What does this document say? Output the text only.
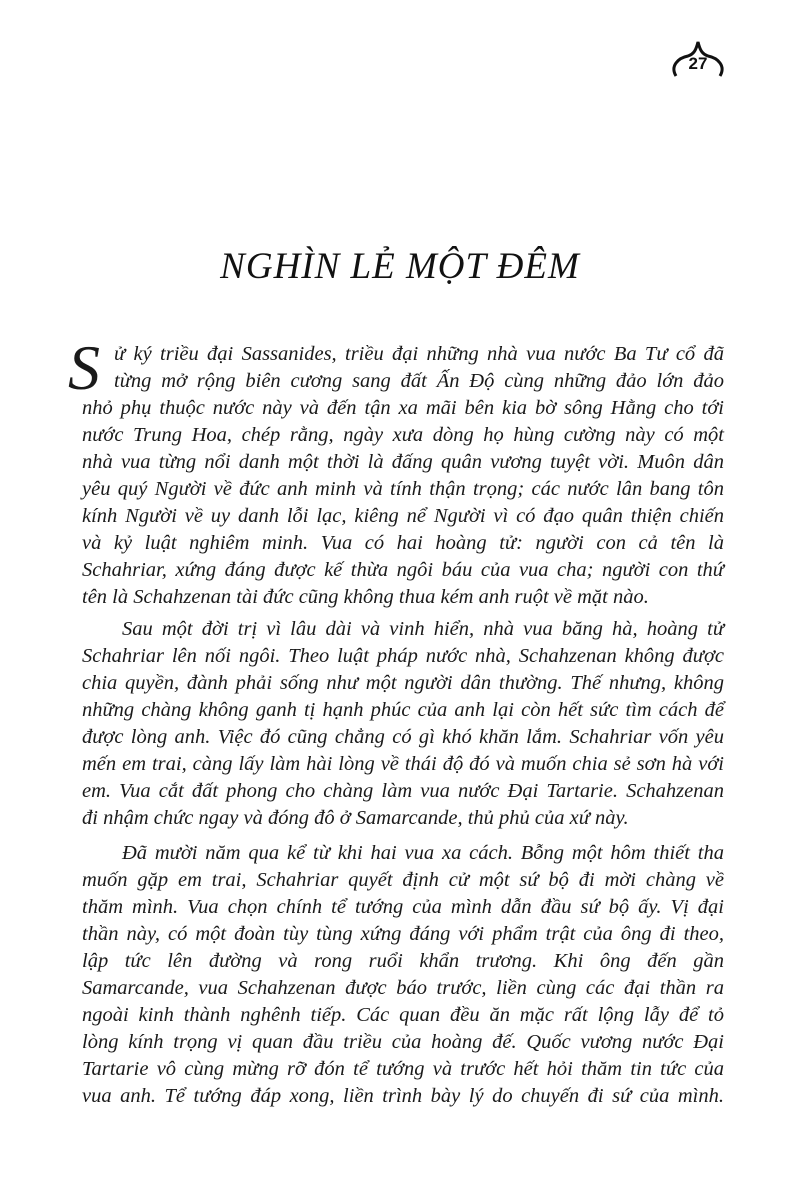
27
NGHÌN LẺ MỘT ĐÊM
S ử ký triều đại Sassanides, triều đại những nhà vua nước Ba Tư cổ đã
từng mở rộng biên cương sang đất Ấn Độ cùng những đảo lớn đảo
nhỏ phụ thuộc nước này và đến tận xa mãi bên kia bờ sông Hằng cho tới
nước Trung Hoa, chép rằng, ngày xưa dòng họ hùng cường này có một
nhà vua từng nổi danh một thời là đấng quân vương tuyệt vời. Muôn dân
yêu quý Người về đức anh minh và tính thận trọng; các nước lân bang tôn
kính Người về uy danh lỗi lạc, kiêng nể Người vì có đạo quân thiện chiến
và kỷ luật nghiêm minh. Vua có hai hoàng tử: người con cả tên là
Schahriar, xứng đáng được kế thừa ngôi báu của vua cha; người con thứ
tên là Schahzenan tài đức cũng không thua kém anh ruột về mặt nào.
Sau một đời trị vì lâu dài và vinh hiển, nhà vua băng hà, hoàng tử
Schahriar lên nối ngôi. Theo luật pháp nước nhà, Schahzenan không được
chia quyền, đành phải sống như một người dân thường. Thế nhưng, không
những chàng không ganh tị hạnh phúc của anh lại còn hết sức tìm cách để
được lòng anh. Việc đó cũng chẳng có gì khó khăn lắm. Schahriar vốn yêu
mến em trai, càng lấy làm hài lòng về thái độ đó và muốn chia sẻ sơn hà với
em. Vua cắt đất phong cho chàng làm vua nước Đại Tartarie. Schahzenan
đi nhậm chức ngay và đóng đô ở Samarcande, thủ phủ của xứ này.
Đã mười năm qua kể từ khi hai vua xa cách. Bỗng một hôm thiết tha
muốn gặp em trai, Schahriar quyết định cử một sứ bộ đi mời chàng về
thăm mình. Vua chọn chính tể tướng của mình dẫn đầu sứ bộ ấy. Vị đại
thần này, có một đoàn tùy tùng xứng đáng với phẩm trật của ông đi theo,
lập tức lên đường và rong ruổi khẩn trương. Khi ông đến gần
Samarcande, vua Schahzenan được báo trước, liền cùng các đại thần ra
ngoài kinh thành nghênh tiếp. Các quan đều ăn mặc rất lộng lẫy để tỏ
lòng kính trọng vị quan đầu triều của hoàng đế. Quốc vương nước Đại
Tartarie vô cùng mừng rỡ đón tể tướng và trước hết hỏi thăm tin tức của
vua anh. Tể tướng đáp xong, liền trình bày lý do chuyến đi sứ của mình.
